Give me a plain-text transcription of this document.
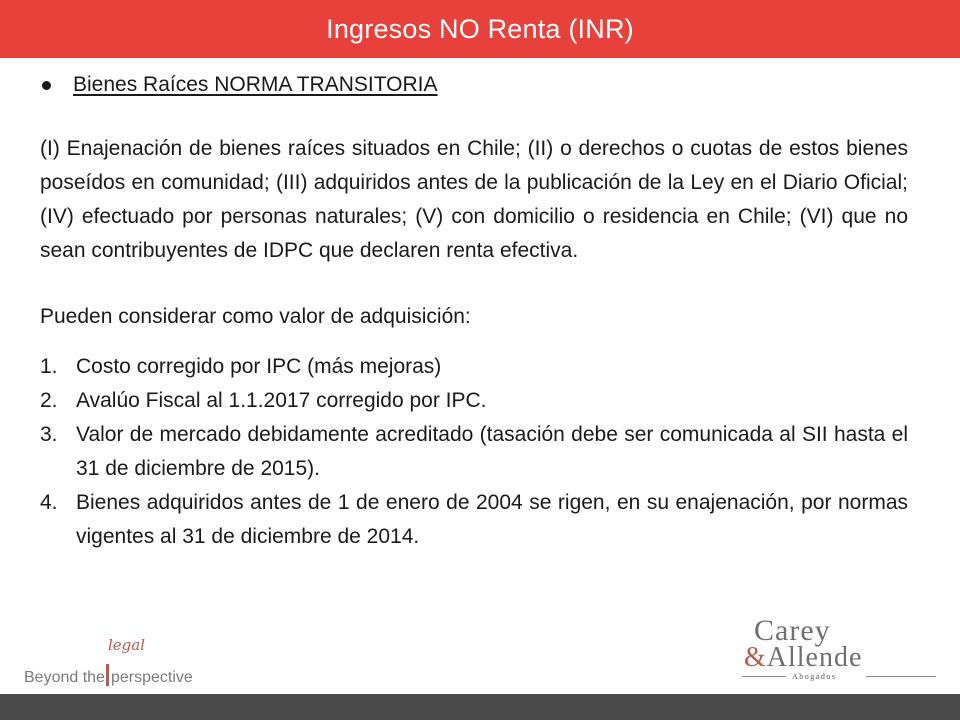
Ingresos NO Renta (INR)
Bienes Raíces NORMA TRANSITORIA
(I) Enajenación de bienes raíces situados en Chile; (II) o derechos o cuotas de estos bienes poseídos en comunidad; (III) adquiridos antes de la publicación de la Ley en el Diario Oficial; (IV) efectuado por personas naturales; (V) con domicilio o residencia en Chile; (VI) que no sean contribuyentes de IDPC que declaren renta efectiva.
Pueden considerar como valor de adquisición:
1. Costo corregido por IPC (más mejoras)
2. Avalúo Fiscal al 1.1.2017 corregido por IPC.
3. Valor de mercado debidamente acreditado (tasación debe ser comunicada al SII hasta el 31 de diciembre de 2015).
4. Bienes adquiridos antes de 1 de enero de 2004 se rigen, en su enajenación, por normas vigentes al 31 de diciembre de 2014.
legal
Beyond the perspective
Carey
&Allende
Abogados
